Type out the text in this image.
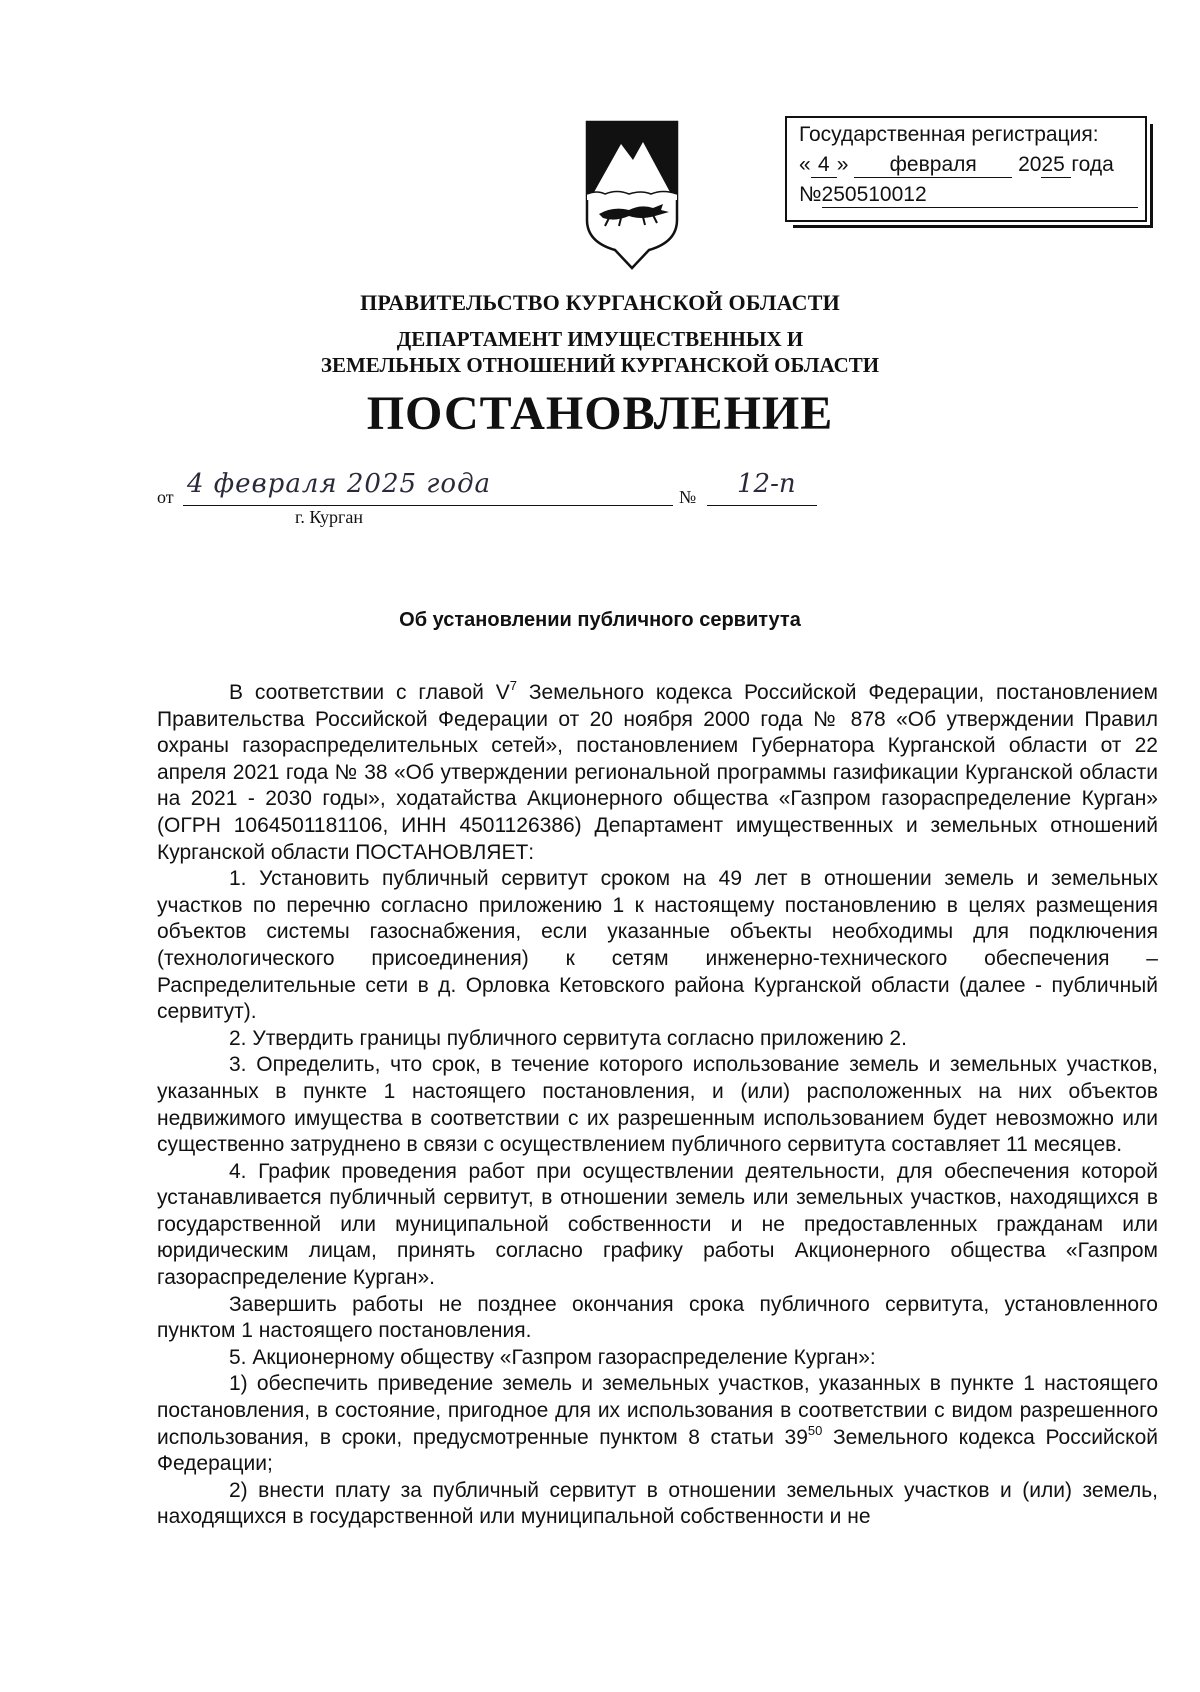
Государственная регистрация:
« 4 » февраля 2025 года
№250510012
ПРАВИТЕЛЬСТВО КУРГАНСКОЙ ОБЛАСТИ
ДЕПАРТАМЕНТ ИМУЩЕСТВЕННЫХ И
ЗЕМЕЛЬНЫХ ОТНОШЕНИЙ КУРГАНСКОЙ ОБЛАСТИ
ПОСТАНОВЛЕНИЕ
от 4 февраля 2025 года	№ 12-п
г. Курган
Об установлении публичного сервитута

В соответствии с главой $V^7$ Земельного кодекса Российской Федерации, постановлением Правительства Российской Федерации от 20 ноября 2000 года № 878 «Об утверждении Правил охраны газораспределительных сетей», постановлением Губернатора Курганской области от 22 апреля 2021 года № 38 «Об утверждении региональной программы газификации Курганской области на 2021 - 2030 годы», ходатайства Акционерного общества «Газпром газораспределение Курган» (ОГРН 1064501181106, ИНН 4501126386) Департамент имущественных и земельных отношений Курганской области ПОСТАНОВЛЯЕТ:

1. Установить публичный сервитут сроком на 49 лет в отношении земель и земельных участков по перечню согласно приложению 1 к настоящему постановлению в целях размещения объектов системы газоснабжения, если указанные объекты необходимы для подключения (технологического присоединения) к сетям инженерно-технического обеспечения – Распределительные сети в д. Орловка Кетовского района Курганской области (далее - публичный сервитут).

2. Утвердить границы публичного сервитута согласно приложению 2.

3. Определить, что срок, в течение которого использование земель и земельных участков, указанных в пункте 1 настоящего постановления, и (или) расположенных на них объектов недвижимого имущества в соответствии с их разрешенным использованием будет невозможно или существенно затруднено в связи с осуществлением публичного сервитута составляет 11 месяцев.

4. График проведения работ при осуществлении деятельности, для обеспечения которой устанавливается публичный сервитут, в отношении земель или земельных участков, находящихся в государственной или муниципальной собственности и не предоставленных гражданам или юридическим лицам, принять согласно графику работы Акционерного общества «Газпром газораспределение Курган».

Завершить работы не позднее окончания срока публичного сервитута, установленного пунктом 1 настоящего постановления.

5. Акционерному обществу «Газпром газораспределение Курган»:

1) обеспечить приведение земель и земельных участков, указанных в пункте 1 настоящего постановления, в состояние, пригодное для их использования в соответствии с видом разрешенного использования, в сроки, предусмотренные пунктом 8 статьи $39^{50}$ Земельного кодекса Российской Федерации;

2) внести плату за публичный сервитут в отношении земельных участков и (или) земель, находящихся в государственной или муниципальной собственности и не
